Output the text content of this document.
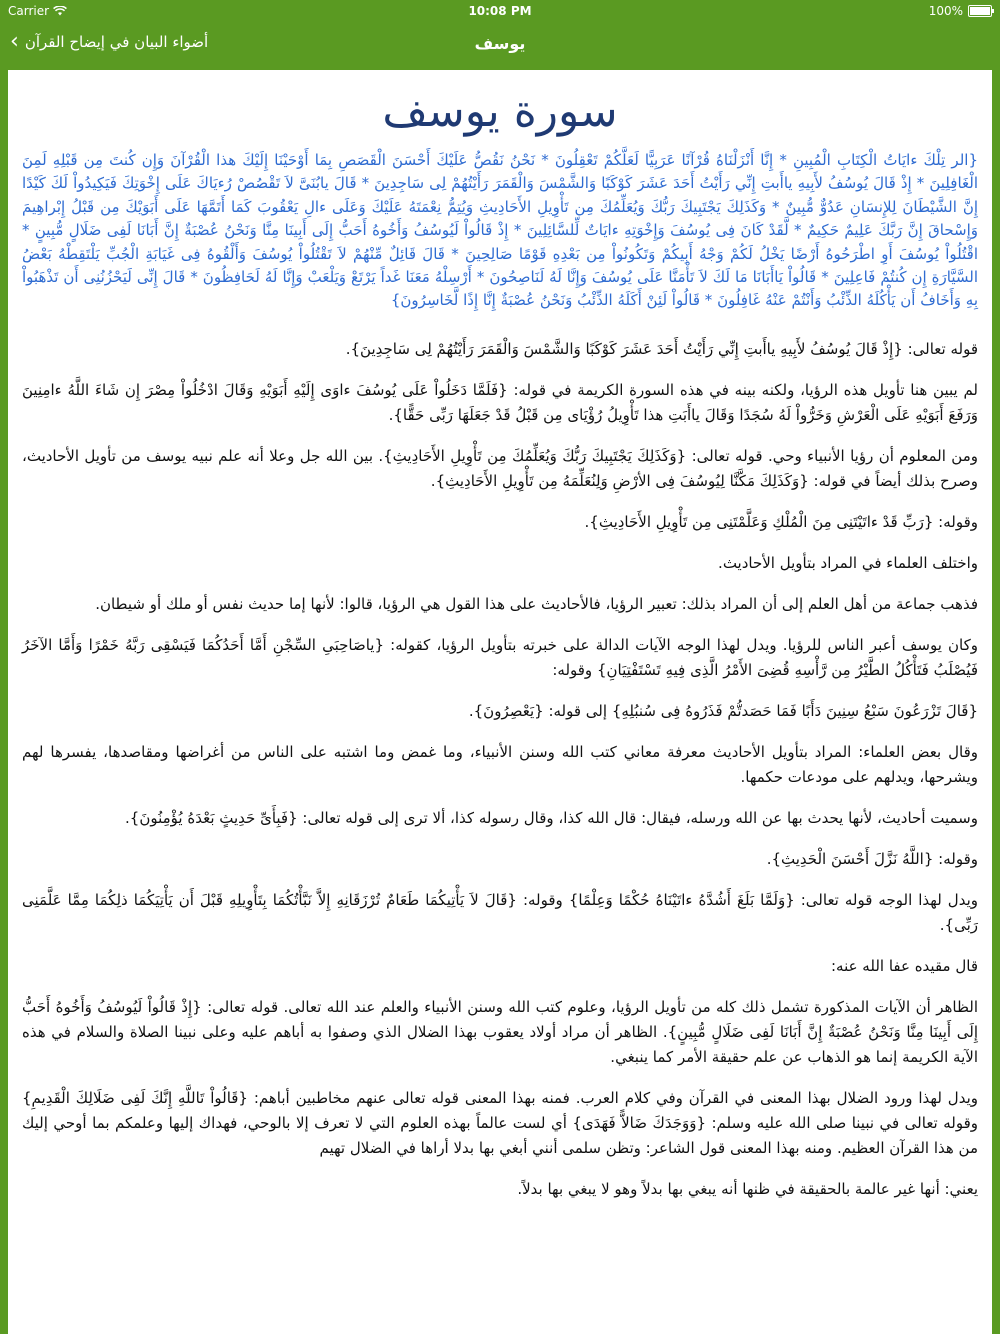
Carrier	10:08 PM	100%
أضواء البيان في إيضاح القرآن
‹	يوسف
سورة يوسف

{الر تِلْكَ ءايَاتُ الْكِتَابِ الْمُبِينِ * إِنَّا أَنْزَلْنَاهُ قُرْآنًا عَرَبِيًّا لَعَلَّكُمْ تَعْقِلُونَ * نَحْنُ نَقُصُّ عَلَيْكَ أَحْسَنَ الْقَصَصِ بِمَا أَوْحَيْنَا إِلَيْكَ هذا الْقُرْآنَ وَإِن كُنتَ مِن قَبْلِهِ لَمِنَ الْغَافِلِينَ * إِذْ قَالَ يُوسُفُ لأَبِيهِ ياأَبتِ إِنِّي رَأَيْتُ أَحَدَ عَشَرَ كَوْكَبًا وَالشَّمْسَ وَالْقَمَرَ رَأَيْتُهُمْ لِى سَاجِدِينَ * قَالَ يابُنَىَّ لاَ تَقْصُصْ رُءيَاكَ عَلَى إِخْوَتِكَ فَيَكِيدُواْ لَكَ كَيْدًا إِنَّ الشَّيْطَانَ لِلإِنسَانِ عَدُوٌّ مُّبِينٌ * وَكَذَلِكَ يَجْتَبِيكَ رَبُّكَ وَيُعَلِّمُكَ مِن تَأْوِيلِ الأَحَادِيثِ وَيُتِمُّ نِعْمَتَهُ عَلَيْكَ وَعَلَى ءالِ يَعْقُوبَ كَمَا أَتَمَّهَا عَلَى أَبَوَيْكَ مِن قَبْلُ إِبْراهِيمَ وَإِسْحاقَ إِنَّ رَبَّكَ عَلِيمٌ حَكِيمٌ * لَّقَدْ كَانَ فِى يُوسُفَ وَإِخْوَتِهِ ءايَاتٌ لِّلسَّائِلِينَ * إِذْ قَالُواْ لَيُوسُفُ وَأَخُوهُ أَحَبُّ إِلَى أَبِينَا مِنَّا وَنَحْنُ عُصْبَةٌ إِنَّ أَبَانَا لَفِى ضَلَالٍ مُّبِينٍ * اقْتُلُواْ يُوسُفَ أَوِ اطْرَحُوهُ أَرْضًا يَخْلُ لَكُمْ وَجْهُ أَبِيكُمْ وَتَكُونُواْ مِن بَعْدِهِ قَوْمًا صَالِحِينَ * قَالَ قَائِلٌ مِّنْهُمْ لاَ تَقْتُلُواْ يُوسُفَ وَأَلْقُوهُ فِى غَيَابَةِ الْجُبِّ يَلْتَقِطْهُ بَعْضُ السَّيَّارَةِ إِن كُنتُمْ فَاعِلِينَ * قَالُواْ يَاأَبَانَا مَا لَكَ لاَ تَأْمَنَّا عَلَى يُوسُفَ وَإِنَّا لَهُ لَنَاصِحُونَ * أَرْسِلْهُ مَعَنَا غَداً يَرْتَعْ وَيَلْعَبْ وَإِنَّا لَهُ لَحَافِظُونَ * قَالَ إِنِّى لَيَحْزُنُنِى أَن تَذْهَبُواْ بِهِ وَأَخَافُ أَن يَأْكُلَهُ الذِّئْبُ وَأَنْتُمْ عَنْهُ غَافِلُونَ * قَالُواْ لَئِنْ أَكَلَهُ الذِّئْبُ وَنَحْنُ عُصْبَةٌ إِنَّا إِذًا لَّخَاسِرُونَ}

قوله تعالى: {إِذْ قَالَ يُوسُفُ لأَبِيهِ ياأَبتِ إِنِّي رَأَيْتُ أَحَدَ عَشَرَ كَوْكَبًا وَالشَّمْسَ وَالْقَمَرَ رَأَيْتُهُمْ لِى سَاجِدِينَ}.

لم يبين هنا تأويل هذه الرؤيا، ولكنه بينه في هذه السورة الكريمة في قوله: {فَلَمَّا دَخَلُواْ عَلَى يُوسُفَ ءاوَى إِلَيْهِ أَبَوَيْهِ وَقَالَ ادْخُلُواْ مِصْرَ إِن شَاءَ اللَّهُ ءامِنِينَ وَرَفَعَ أَبَوَيْهِ عَلَى الْعَرْشِ وَخَرُّواْ لَهُ سُجَدًا وَقَالَ ياأَبَتِ هذا تَأْوِيلُ رُؤْيَاى مِن قَبْلُ قَدْ جَعَلَهَا رَبِّى حَقًّا}.

ومن المعلوم أن رؤيا الأنبياء وحي. قوله تعالى: {وَكَذَلِكَ يَجْتَبِيكَ رَبُّكَ وَيُعَلِّمُكَ مِن تَأْوِيلِ الأَحَادِيثِ}. بين الله جل وعلا أنه علم نبيه يوسف من تأويل الأحاديث، وصرح بذلك أيضاً في قوله: {وَكَذَلِكَ مَكَّنَّا لِيُوسُفَ فِى الأرْضِ وَلِنُعَلِّمَهُ مِن تَأْوِيلِ الأَحَادِيثِ}.

وقوله: {رَبِّ قَدْ ءاتَيْتَنِى مِنَ الْمُلْكِ وَعَلَّمْتَنِى مِن تَأْوِيلِ الأَحَادِيثِ}.

واختلف العلماء في المراد بتأويل الأحاديث.

فذهب جماعة من أهل العلم إلى أن المراد بذلك: تعبير الرؤيا، فالأحاديث على هذا القول هي الرؤيا، قالوا: لأنها إما حديث نفس أو ملك أو شيطان.

وكان يوسف أعبر الناس للرؤيا. ويدل لهذا الوجه الآيات الدالة على خبرته بتأويل الرؤيا، كقوله: {ياصَاحِبَىِ السِّجْنِ أَمَّا أَحَدُكُمَا فَيَسْقِى رَبَّهُ خَمْرًا وَأَمَّا الآخَرُ فَيُصْلَبُ فَتَأْكُلُ الطَّيْرُ مِن رَّأْسِهِ قُضِىَ الأَمْرُ الَّذِى فِيهِ تَسْتَفْتِيَانِ} وقوله:

{قَالَ تَزْرَعُونَ سَبْعُ سِنِينَ دَأَبًا فَمَا حَصَدتُّمْ فَذَرُوهُ فِى سُنبُلِهِ} إلى قوله: {يَعْصِرُونَ}.

وقال بعض العلماء: المراد بتأويل الأحاديث معرفة معاني كتب الله وسنن الأنبياء، وما غمض وما اشتبه على الناس من أغراضها ومقاصدها، يفسرها لهم ويشرحها، ويدلهم على مودعات حكمها.

وسميت أحاديث، لأنها يحدث بها عن الله ورسله، فيقال: قال الله كذا، وقال رسوله كذا، ألا ترى إلى قوله تعالى: {فَبِأَىِّ حَدِيثٍ بَعْدَهُ يُؤْمِنُونَ}.

وقوله: {اللَّهُ نَزَّلَ أَحْسَنَ الْحَدِيثِ}.

ويدل لهذا الوجه قوله تعالى: {وَلَمَّا بَلَغَ أَشُدَّهُ ءاتَيْنَاهُ حُكْمًا وَعِلْمًا} وقوله: {قَالَ لاَ يَأْتِيكُمَا طَعَامٌ تُرْزَقَانِهِ إِلاَّ نَبَّأْتُكُمَا بِتَأْوِيلِهِ قَبْلَ أَن يَأْتِيَكُمَا ذلِكُمَا مِمَّا عَلَّمَنِى رَبِّى}.

قال مقيده عفا الله عنه:

الظاهر أن الآيات المذكورة تشمل ذلك كله من تأويل الرؤيا، وعلوم كتب الله وسنن الأنبياء والعلم عند الله تعالى. قوله تعالى: {إِذْ قَالُواْ لَيُوسُفُ وَأَخُوهُ أَحَبُّ إِلَى أَبِينَا مِنَّا وَنَحْنُ عُصْبَةٌ إِنَّ أَبَانَا لَفِى ضَلَالٍ مُّبِينٍ}. الظاهر أن مراد أولاد يعقوب بهذا الضلال الذي وصفوا به أباهم عليه وعلى نبينا الصلاة والسلام في هذه الآية الكريمة إنما هو الذهاب عن علم حقيقة الأمر كما ينبغي.

ويدل لهذا ورود الضلال بهذا المعنى في القرآن وفي كلام العرب. فمنه بهذا المعنى قوله تعالى عنهم مخاطبين أباهم: {قَالُواْ تَاللَّهِ إِنَّكَ لَفِى ضَلَالِكَ الْقَدِيمِ} وقوله تعالى في نبينا صلى الله عليه وسلم: {وَوَجَدَكَ ضَالاًّ فَهَدَى} أي لست عالماً بهذه العلوم التي لا تعرف إلا بالوحي، فهداك إليها وعلمكم بما أوحي إليك من هذا القرآن العظيم. ومنه بهذا المعنى قول الشاعر: وتظن سلمى أنني أبغي بها بدلا أراها في الضلال تهيم

يعني: أنها غير عالمة بالحقيقة في ظنها أنه يبغي بها بدلاً وهو لا يبغي بها بدلاً.
